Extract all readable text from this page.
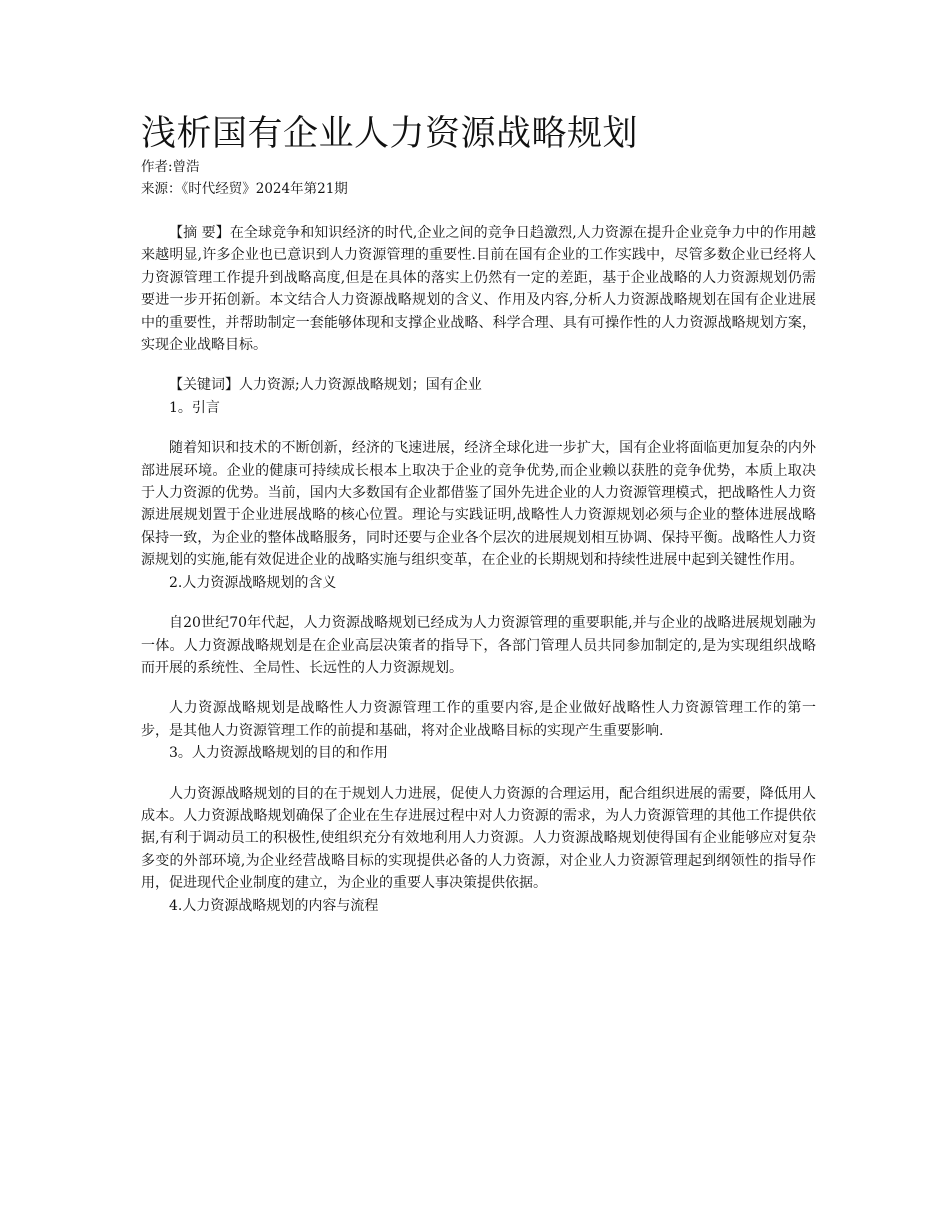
浅析国有企业人力资源战略规划
作者:曾浩
来源：《时代经贸》2024年第21期

【摘 要】在全球竞争和知识经济的时代,企业之间的竞争日趋激烈,人力资源在提升企业竞争力中的作用越来越明显,许多企业也已意识到人力资源管理的重要性.目前在国有企业的工作实践中，尽管多数企业已经将人力资源管理工作提升到战略高度,但是在具体的落实上仍然有一定的差距，基于企业战略的人力资源规划仍需要进一步开拓创新。本文结合人力资源战略规划的含义、作用及内容,分析人力资源战略规划在国有企业进展中的重要性，并帮助制定一套能够体现和支撑企业战略、科学合理、具有可操作性的人力资源战略规划方案，实现企业战略目标。

【关键词】人力资源;人力资源战略规划；国有企业

1。引言

随着知识和技术的不断创新，经济的飞速进展，经济全球化进一步扩大，国有企业将面临更加复杂的内外部进展环境。企业的健康可持续成长根本上取决于企业的竞争优势,而企业赖以获胜的竞争优势，本质上取决于人力资源的优势。当前，国内大多数国有企业都借鉴了国外先进企业的人力资源管理模式，把战略性人力资源进展规划置于企业进展战略的核心位置。理论与实践证明,战略性人力资源规划必须与企业的整体进展战略保持一致，为企业的整体战略服务，同时还要与企业各个层次的进展规划相互协调、保持平衡。战略性人力资源规划的实施,能有效促进企业的战略实施与组织变革，在企业的长期规划和持续性进展中起到关键性作用。

2.人力资源战略规划的含义

自20世纪70年代起，人力资源战略规划已经成为人力资源管理的重要职能,并与企业的战略进展规划融为一体。人力资源战略规划是在企业高层决策者的指导下，各部门管理人员共同参加制定的,是为实现组织战略而开展的系统性、全局性、长远性的人力资源规划。

人力资源战略规划是战略性人力资源管理工作的重要内容,是企业做好战略性人力资源管理工作的第一步，是其他人力资源管理工作的前提和基础，将对企业战略目标的实现产生重要影响.

3。人力资源战略规划的目的和作用

人力资源战略规划的目的在于规划人力进展，促使人力资源的合理运用，配合组织进展的需要，降低用人成本。人力资源战略规划确保了企业在生存进展过程中对人力资源的需求，为人力资源管理的其他工作提供依据,有利于调动员工的积极性,使组织充分有效地利用人力资源。人力资源战略规划使得国有企业能够应对复杂多变的外部环境,为企业经营战略目标的实现提供必备的人力资源，对企业人力资源管理起到纲领性的指导作用，促进现代企业制度的建立，为企业的重要人事决策提供依据。

4.人力资源战略规划的内容与流程
